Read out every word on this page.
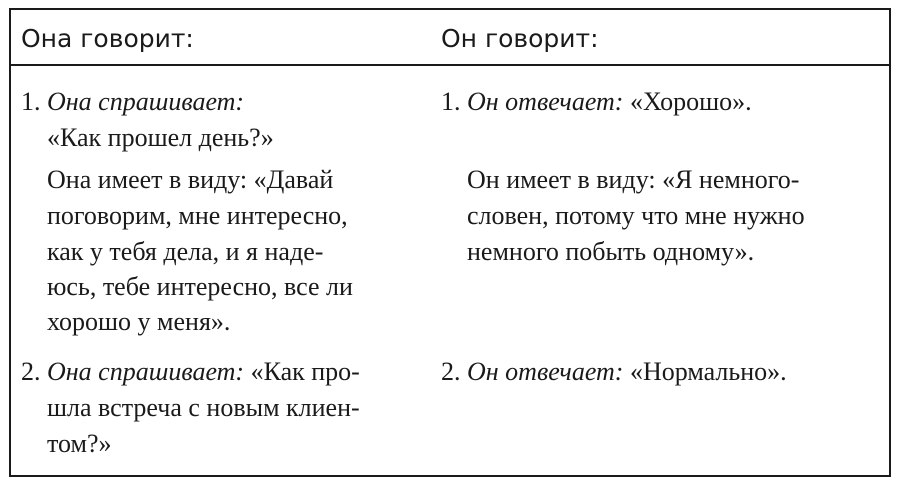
Она говорит:	Он говорит:
1. Она спрашивает:
«Как прошел день?»
Она имеет в виду: «Давай
поговорим, мне интересно,
как у тебя дела, и я наде-
юсь, тебе интересно, все ли
хорошо у меня».
1. Он отвечает: «Хорошо».
Он имеет в виду: «Я немного-
словен, потому что мне нужно
немного побыть одному».
2. Она спрашивает: «Как про-
шла встреча с новым клиен-
том?»
2. Он отвечает: «Нормально».
